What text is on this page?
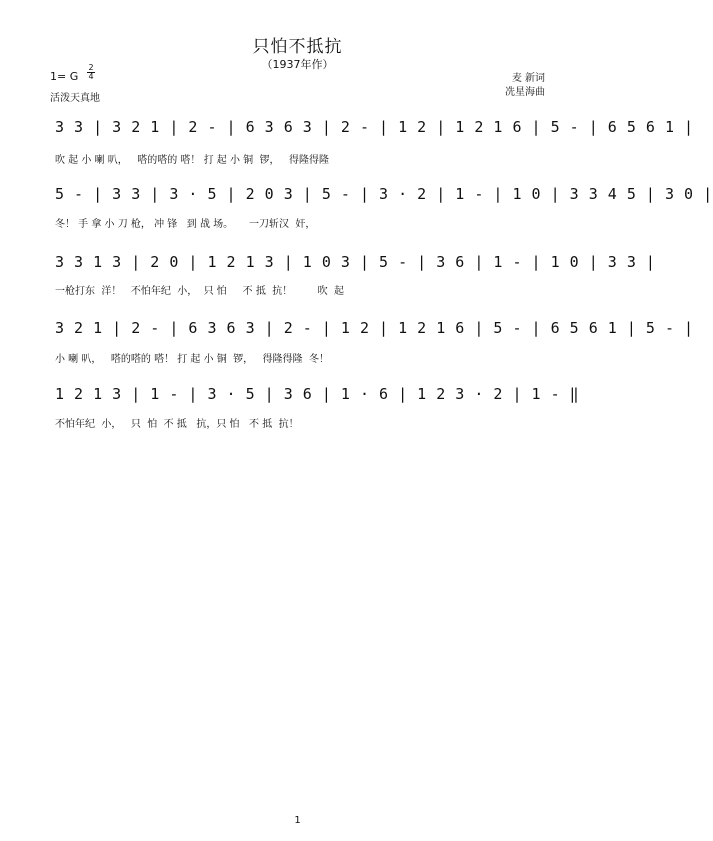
只怕不抵抗
（1937年作）
1= G
2
4
活泼天真地
麦 新词
冼星海曲
3 3 | 3 2 1 | 2 - | 6 3 6 3 | 2 - | 1 2 | 1 2 1 6 | 5 - | 6 5 6 1 |
吹 起 小 喇 叭，   嗒的嗒的 嗒！ 打 起 小 铜  锣，   得隆得隆
5 - | 3 3 | 3 · 5 | 2 0 3 | 5 - | 3 · 2 | 1 - | 1 0 | 3 3 4 5 | 3 0 |
冬！ 手 拿 小 刀 枪， 冲 锋   到 战 场。     一刀斩汉  奸，
3 3 1 3 | 2 0 | 1 2 1 3 | 1 0 3 | 5 - | 3 6 | 1 - | 1 0 | 3 3 |
一枪打东  洋！   不怕年纪  小，  只 怕     不 抵  抗！        吹  起
3 2 1 | 2 - | 6 3 6 3 | 2 - | 1 2 | 1 2 1 6 | 5 - | 6 5 6 1 | 5 - |
小 喇 叭，   嗒的嗒的 嗒！ 打 起 小 铜  锣，   得隆得隆  冬！
1 2 1 3 | 1 - | 3 · 5 | 3 6 | 1 · 6 | 1 2 3 · 2 | 1 - ‖
不怕年纪  小，   只  怕  不 抵   抗，只 怕   不 抵  抗！
1
